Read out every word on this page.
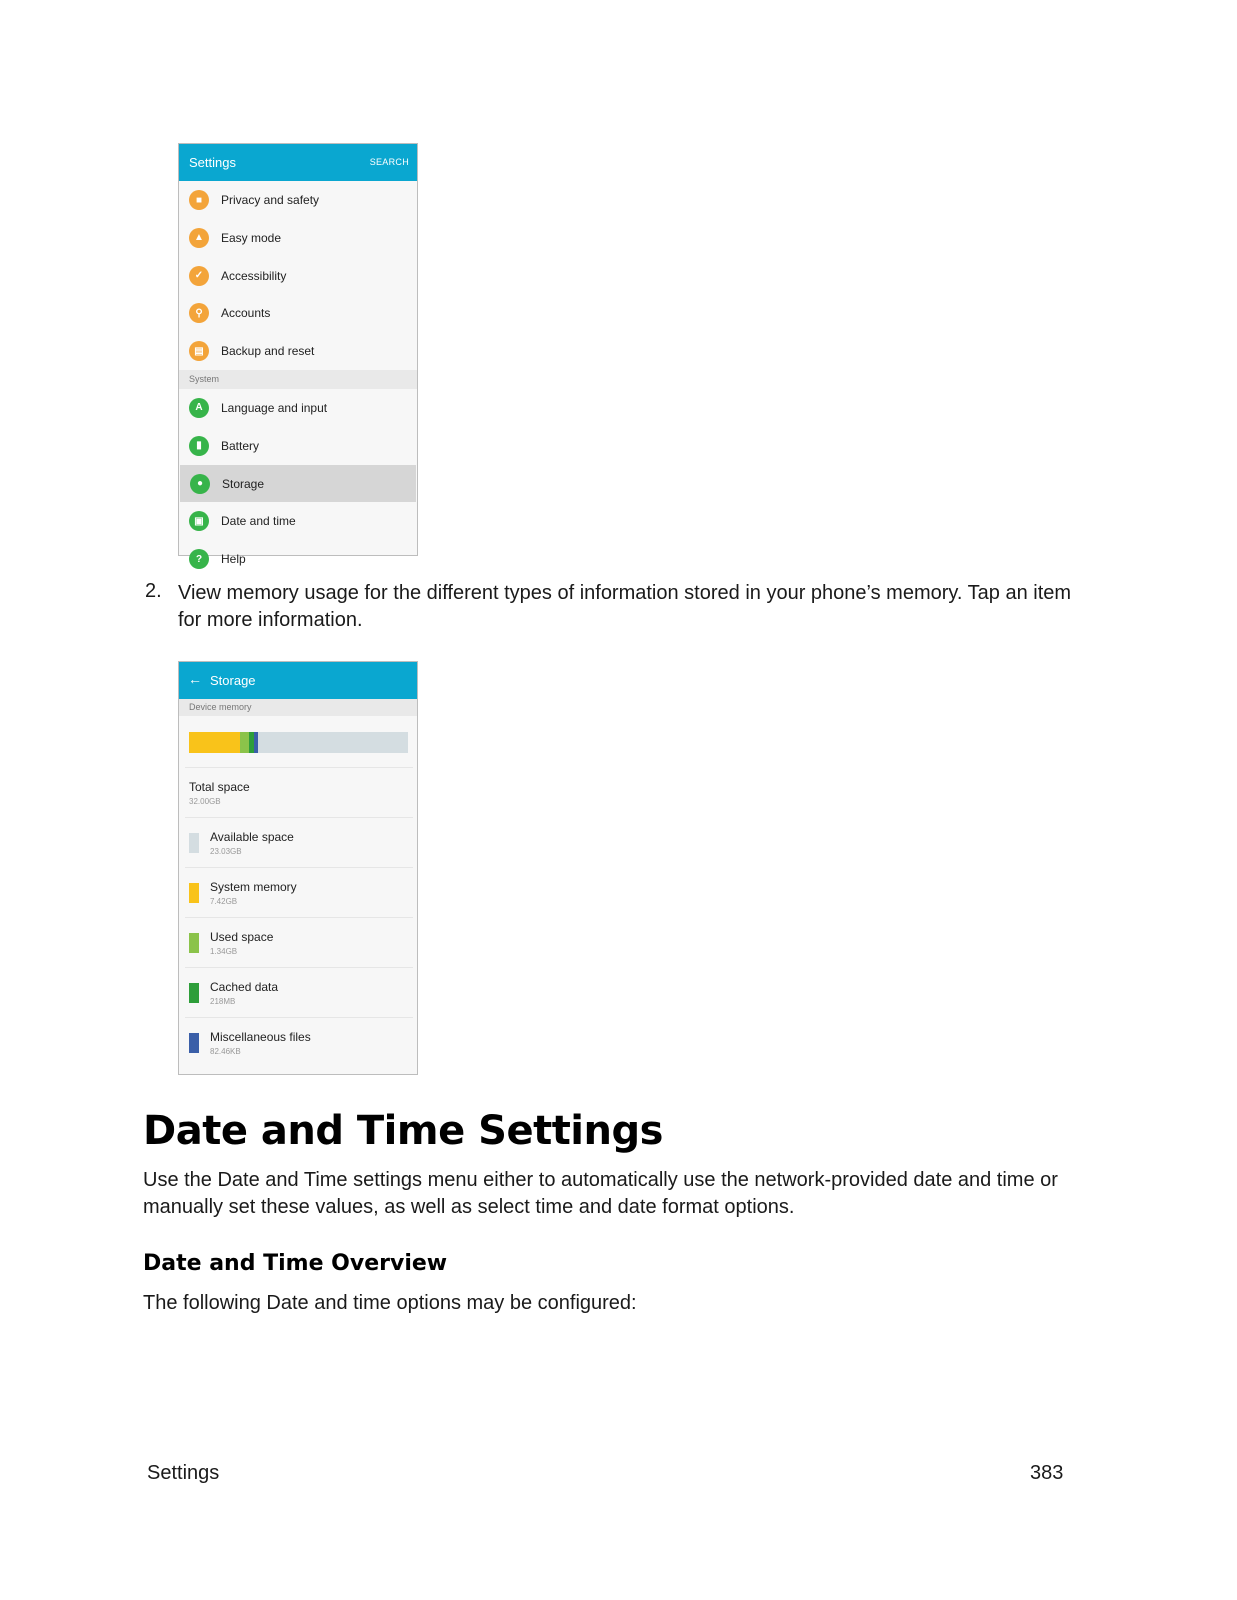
Settings	SEARCH
■	Privacy and safety
▲	Easy mode
✓	Accessibility
⚲	Accounts
▤	Backup and reset
System
A	Language and input
▮	Battery
●	Storage
▣	Date and time
?	Help
2. View memory usage for the different types of information stored in your phone’s memory. Tap an item for more information.
← Storage
Device memory
Total space
32.00GB
Available space
23.03GB
System memory
7.42GB
Used space
1.34GB
Cached data
218MB
Miscellaneous files
82.46KB
Date and Time Settings
Use the Date and Time settings menu either to automatically use the network-provided date and time or manually set these values, as well as select time and date format options.
Date and Time Overview
The following Date and time options may be configured:
Settings	383
